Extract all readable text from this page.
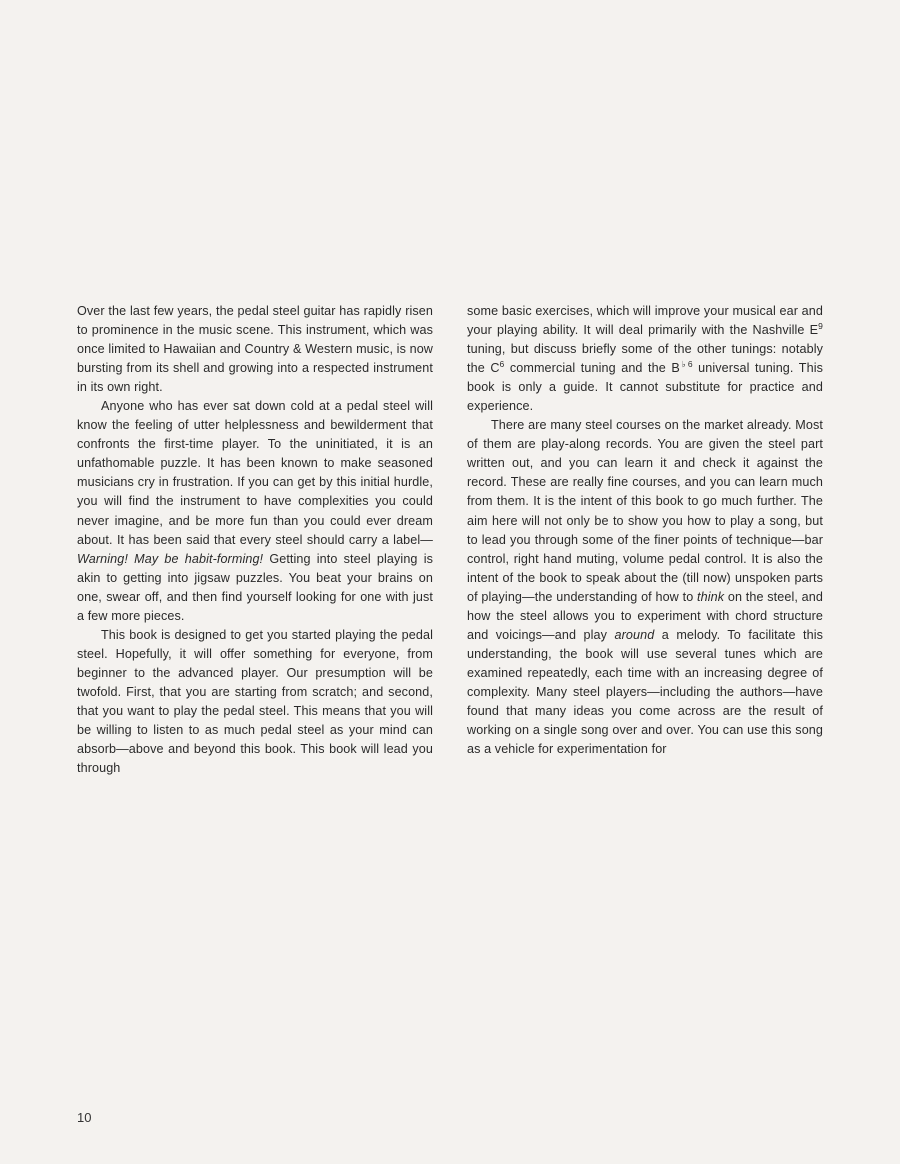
Over the last few years, the pedal steel guitar has rapidly risen to prominence in the music scene. This instrument, which was once limited to Hawaiian and Country & Western music, is now bursting from its shell and growing into a respected instrument in its own right.

Anyone who has ever sat down cold at a pedal steel will know the feeling of utter helplessness and bewilderment that confronts the first-time player. To the uninitiated, it is an unfathomable puzzle. It has been known to make seasoned musicians cry in frustration. If you can get by this initial hurdle, you will find the instrument to have complexities you could never imagine, and be more fun than you could ever dream about. It has been said that every steel should carry a label—Warning! May be habit-forming! Getting into steel playing is akin to getting into jigsaw puzzles. You beat your brains on one, swear off, and then find yourself looking for one with just a few more pieces.

This book is designed to get you started playing the pedal steel. Hopefully, it will offer something for everyone, from beginner to the advanced player. Our presumption will be twofold. First, that you are starting from scratch; and second, that you want to play the pedal steel. This means that you will be willing to listen to as much pedal steel as your mind can absorb—above and beyond this book. This book will lead you through

some basic exercises, which will improve your musical ear and your playing ability. It will deal primarily with the Nashville $E^9$ tuning, but discuss briefly some of the other tunings: notably the $C^6$ commercial tuning and the $B^{♭6}$ universal tuning. This book is only a guide. It cannot substitute for practice and experience.

There are many steel courses on the market already. Most of them are play-along records. You are given the steel part written out, and you can learn it and check it against the record. These are really fine courses, and you can learn much from them. It is the intent of this book to go much further. The aim here will not only be to show you how to play a song, but to lead you through some of the finer points of technique—bar control, right hand muting, volume pedal control. It is also the intent of the book to speak about the (till now) unspoken parts of playing—the understanding of how to think on the steel, and how the steel allows you to experiment with chord structure and voicings—and play around a melody. To facilitate this understanding, the book will use several tunes which are examined repeatedly, each time with an increasing degree of complexity. Many steel players—including the authors—have found that many ideas you come across are the result of working on a single song over and over. You can use this song as a vehicle for experimentation for

10
